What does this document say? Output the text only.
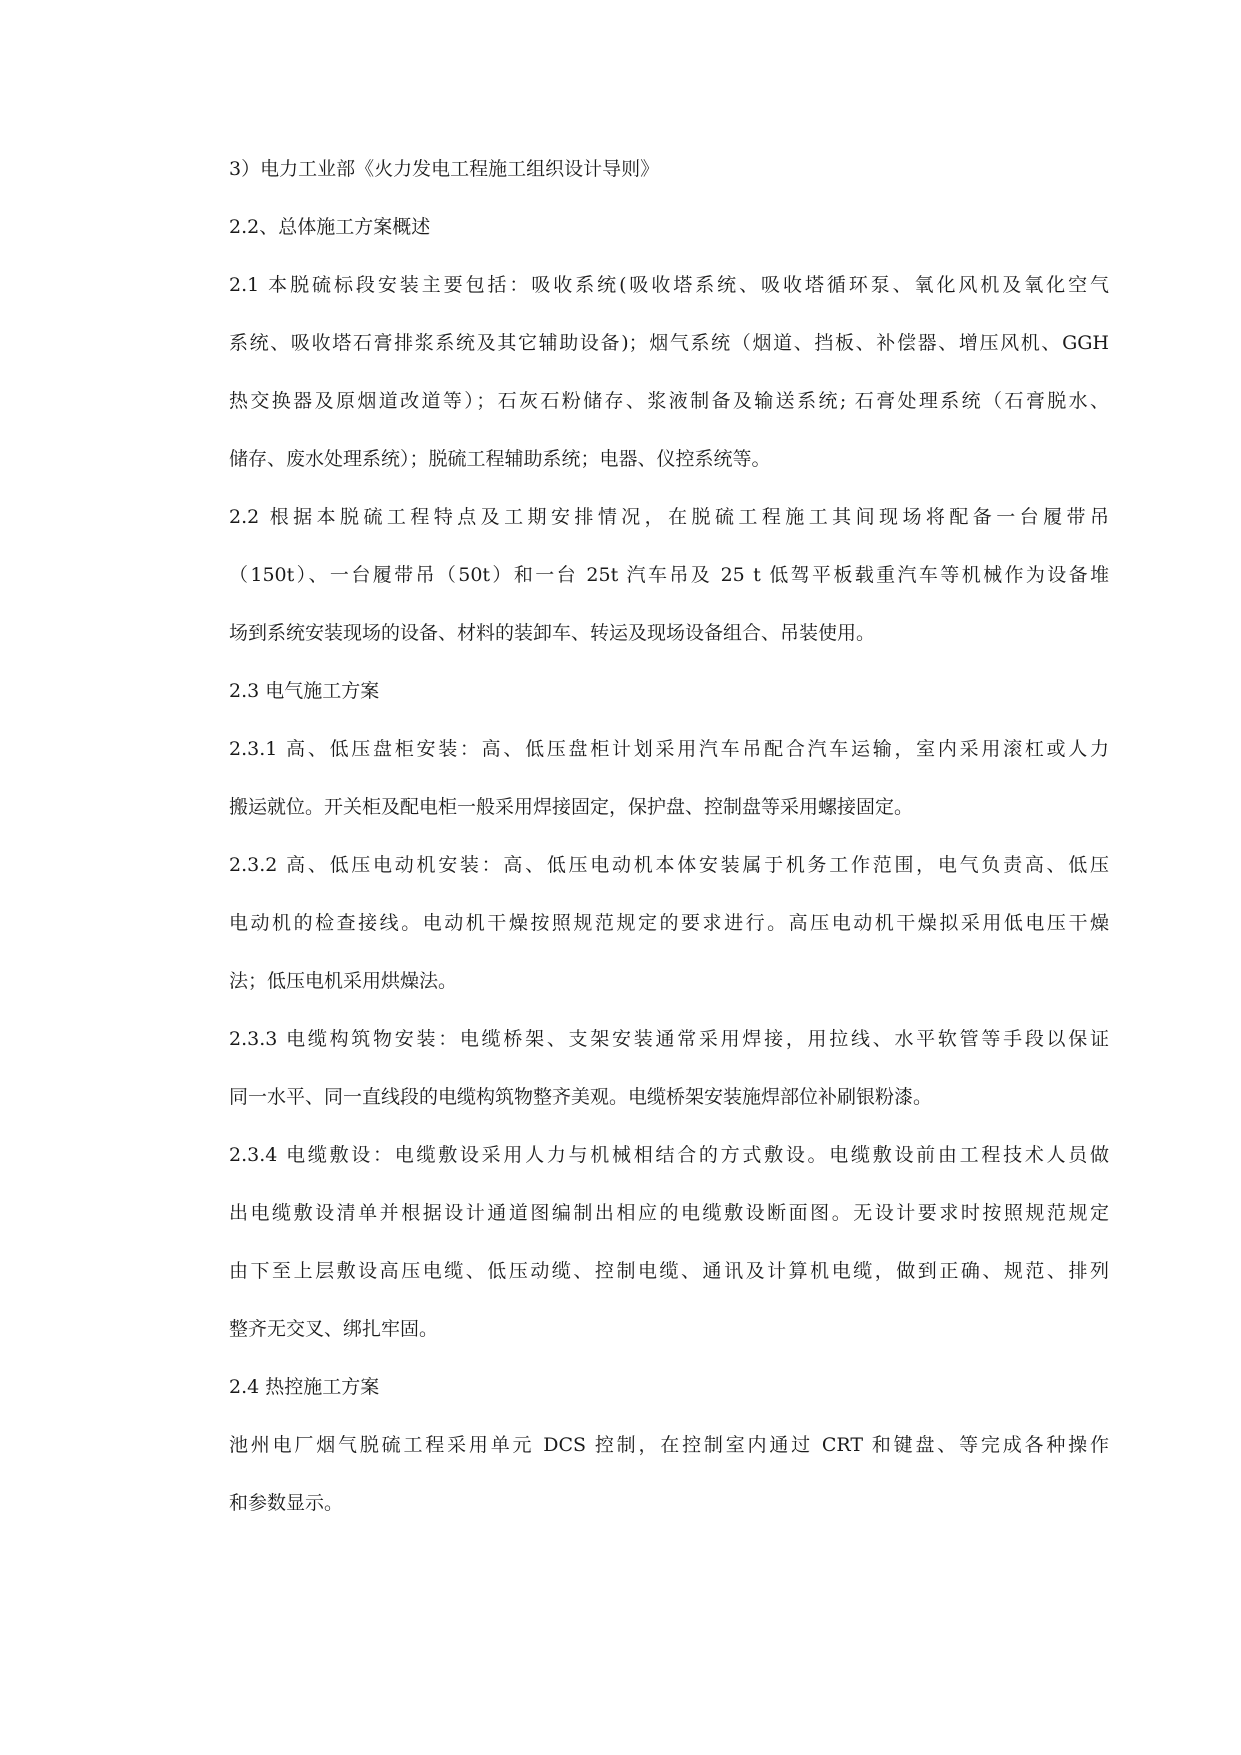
3）电力工业部《火力发电工程施工组织设计导则》
2.2、总体施工方案概述
2.1 本脱硫标段安装主要包括：吸收系统(吸收塔系统、吸收塔循环泵、氧化风机及氧化空气
系统、吸收塔石膏排浆系统及其它辅助设备)；烟气系统（烟道、挡板、补偿器、增压风机、GGH
热交换器及原烟道改道等）；石灰石粉储存、浆液制备及输送系统; 石膏处理系统（石膏脱水、
储存、废水处理系统）；脱硫工程辅助系统；电器、仪控系统等。
2.2 根据本脱硫工程特点及工期安排情况，在脱硫工程施工其间现场将配备一台履带吊
（150t）、一台履带吊（50t）和一台 25t 汽车吊及 25 t 低驾平板载重汽车等机械作为设备堆
场到系统安装现场的设备、材料的装卸车、转运及现场设备组合、吊装使用。
2.3 电气施工方案
2.3.1 高、低压盘柜安装：高、低压盘柜计划采用汽车吊配合汽车运输，室内采用滚杠或人力
搬运就位。开关柜及配电柜一般采用焊接固定，保护盘、控制盘等采用螺接固定。
2.3.2 高、低压电动机安装：高、低压电动机本体安装属于机务工作范围，电气负责高、低压
电动机的检查接线。电动机干燥按照规范规定的要求进行。高压电动机干燥拟采用低电压干燥
法；低压电机采用烘燥法。
2.3.3 电缆构筑物安装：电缆桥架、支架安装通常采用焊接，用拉线、水平软管等手段以保证
同一水平、同一直线段的电缆构筑物整齐美观。电缆桥架安装施焊部位补刷银粉漆。
2.3.4 电缆敷设：电缆敷设采用人力与机械相结合的方式敷设。电缆敷设前由工程技术人员做
出电缆敷设清单并根据设计通道图编制出相应的电缆敷设断面图。无设计要求时按照规范规定
由下至上层敷设高压电缆、低压动缆、控制电缆、通讯及计算机电缆，做到正确、规范、排列
整齐无交叉、绑扎牢固。
2.4 热控施工方案
池州电厂烟气脱硫工程采用单元 DCS 控制，在控制室内通过 CRT 和键盘、等完成各种操作
和参数显示。
